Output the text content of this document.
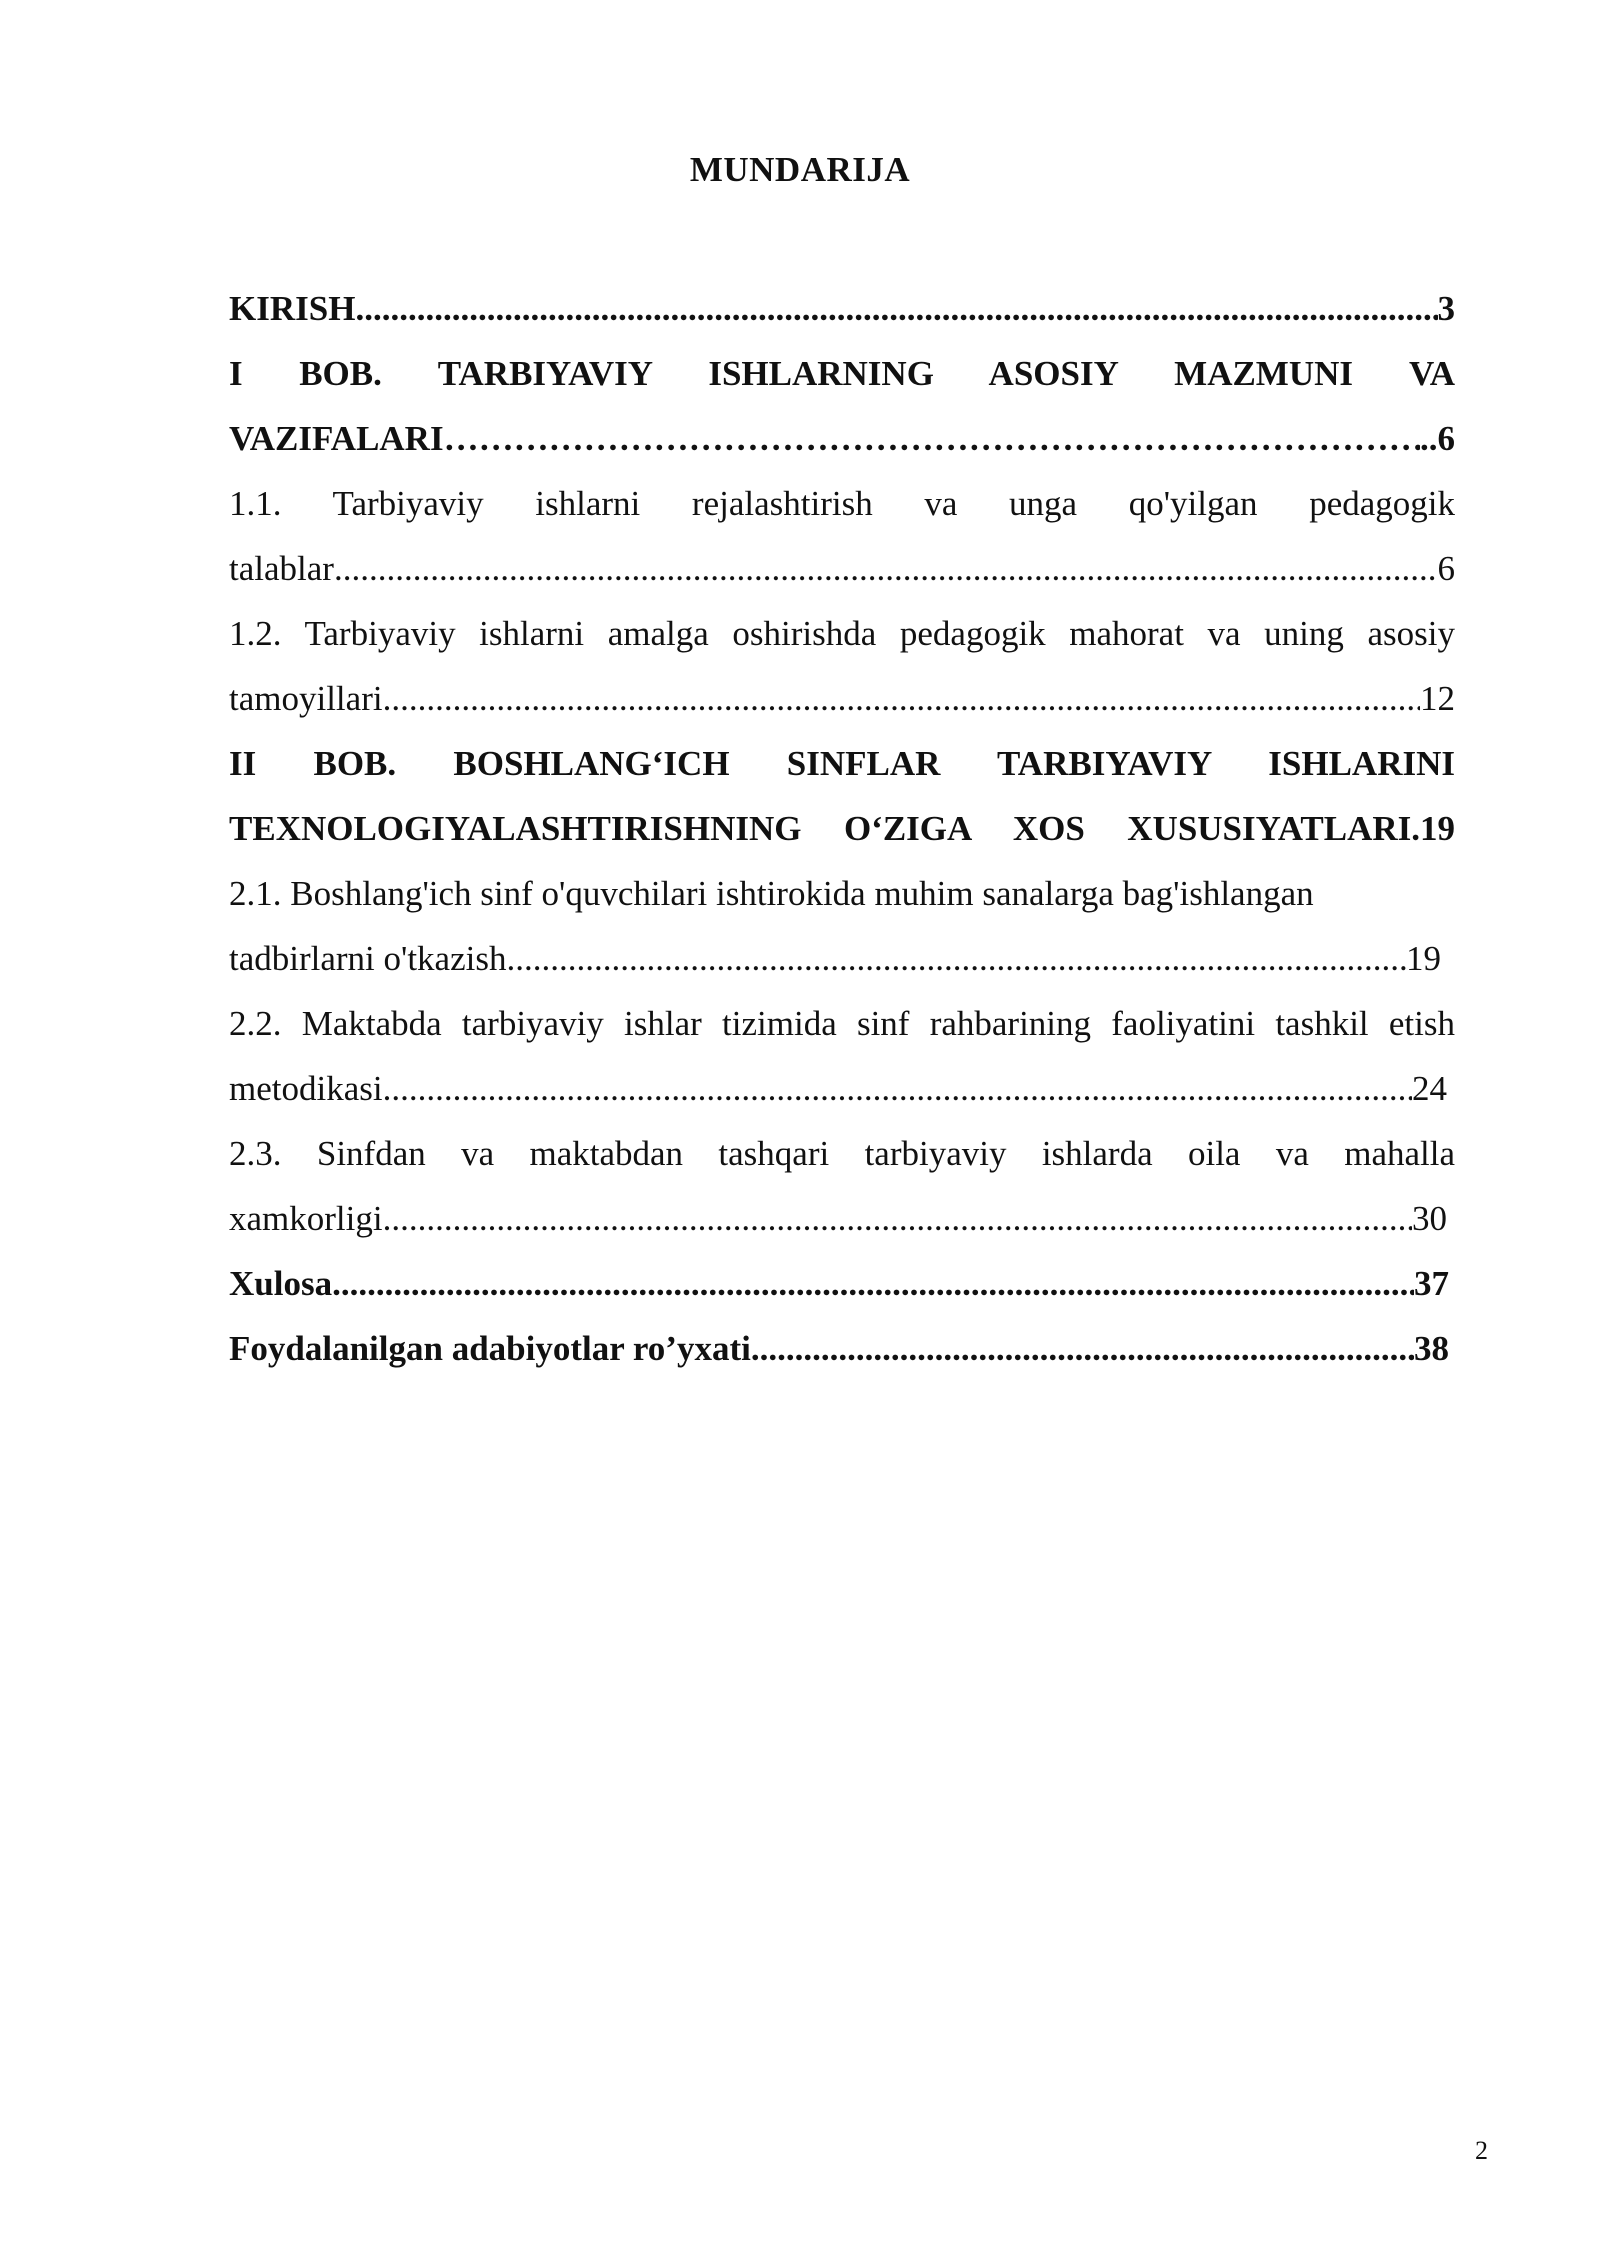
MUNDARIJA
KIRISH .....	3
I BOB. TARBIYAVIY ISHLARNING ASOSIY MAZMUNI VA
VAZIFALARI …………………………………………………………………………………………………………………………………………………………………………………	..6
1.1. Tarbiyaviy ishlarni rejalashtirish va unga qo'yilgan pedagogik
talablar .....	6
1.2. Tarbiyaviy ishlarni amalga oshirishda pedagogik mahorat va uning asosiy
tamoyillari .....	12
II BOB. BOSHLANG‘ICH SINFLAR TARBIYAVIY ISHLARINI
TEXNOLOGIYALASHTIRISHNING O‘ZIGA XOS XUSUSIYATLARI.19
2.1. Boshlang'ich sinf o'quvchilari ishtirokida muhim sanalarga bag'ishlangan
tadbirlarni o'tkazish .....	19
2.2. Maktabda tarbiyaviy ishlar tizimida sinf rahbarining faoliyatini tashkil etish
metodikasi .....	24
2.3. Sinfdan va maktabdan tashqari tarbiyaviy ishlarda oila va mahalla
xamkorligi .....	30
Xulosa .....	37
Foydalanilgan adabiyotlar ro’yxati .....	38
2
